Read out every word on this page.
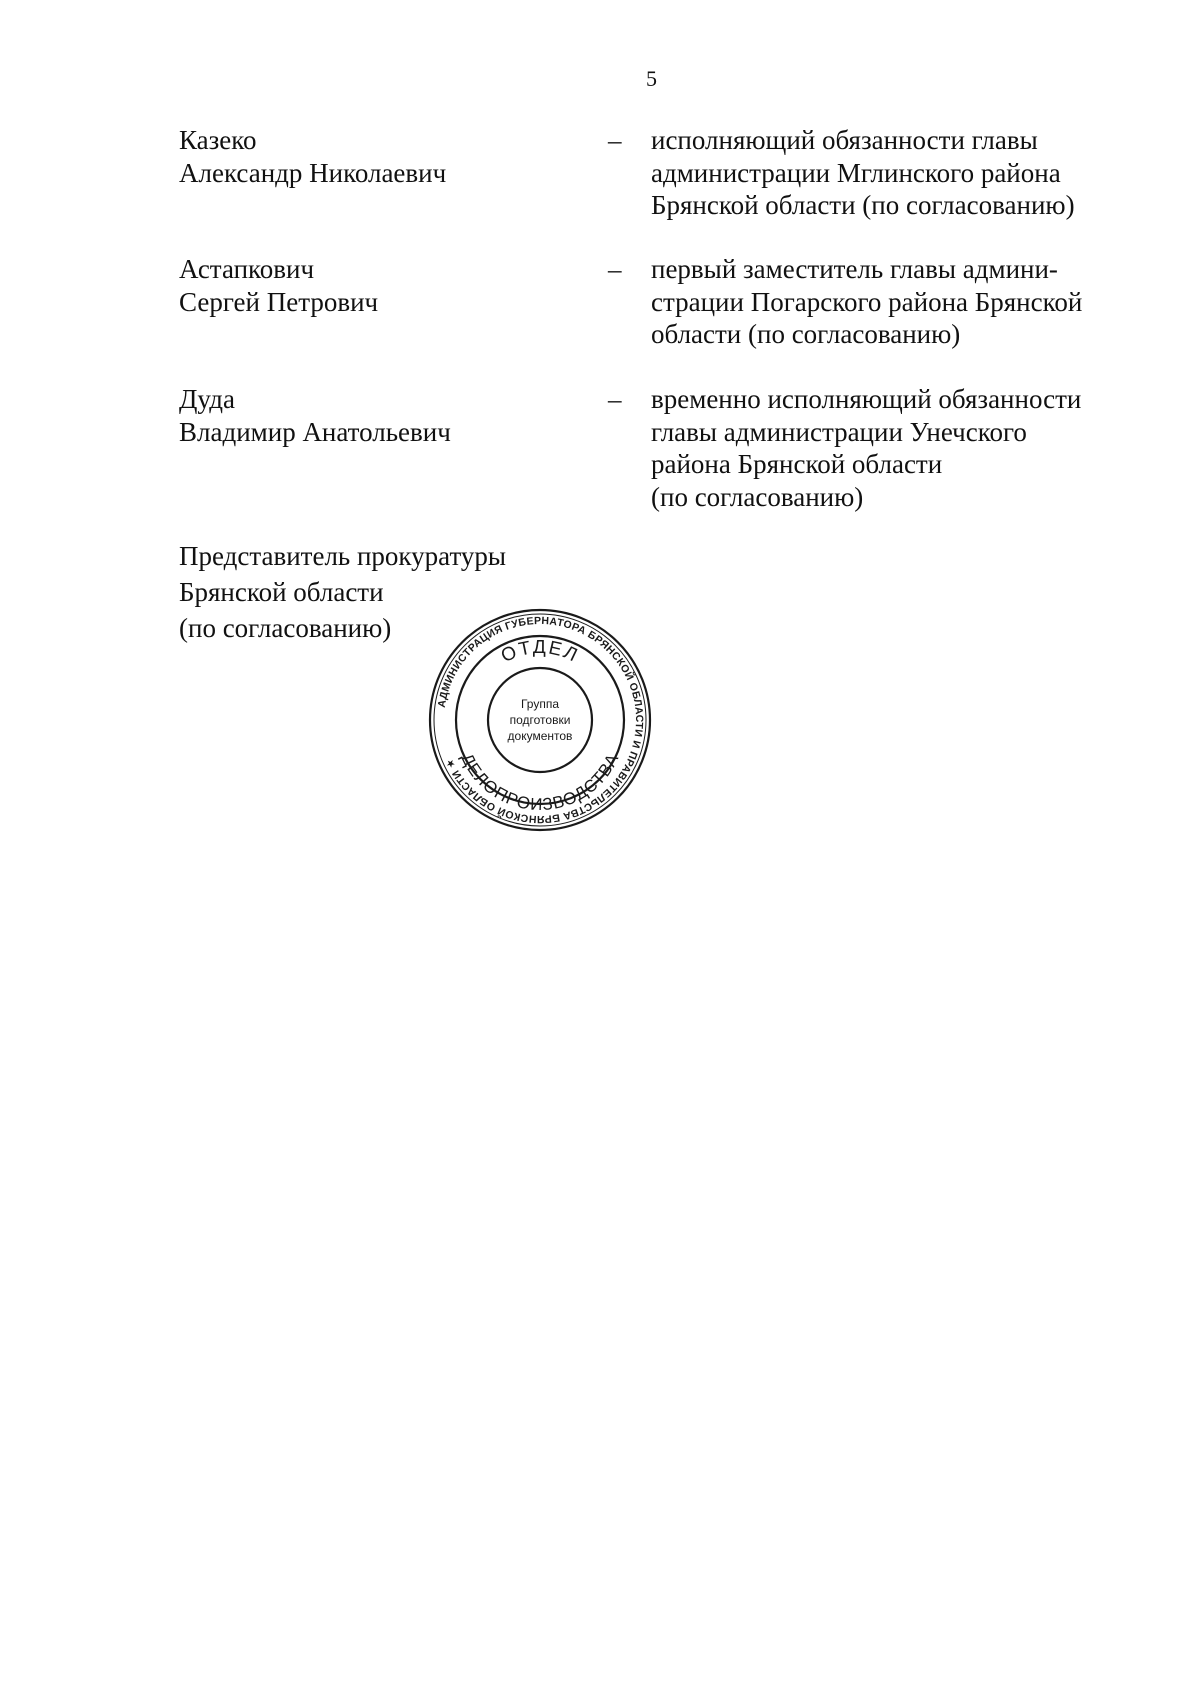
5
Казеко
Александр Николаевич
– исполняющий обязанности главы
администрации Мглинского района
Брянской области (по согласованию)
Астапкович
Сергей Петрович
– первый заместитель главы админи-
страции Погарского района Брянской
области (по согласованию)
Дуда
Владимир Анатольевич
– временно исполняющий обязанности
главы администрации Унечского
района Брянской области
(по согласованию)
Представитель прокуратуры
Брянской области
(по согласованию)
АДМИНИСТРАЦИЯ ГУБЕРНАТОРА БРЯНСКОЙ ОБЛАСТИ И ПРАВИТЕЛЬСТВА БРЯНСКОЙ ОБЛАСТИ ★
ОТДЕЛ
ДЕЛОПРОИЗВОДСТВА
Группа
подготовки
документов
